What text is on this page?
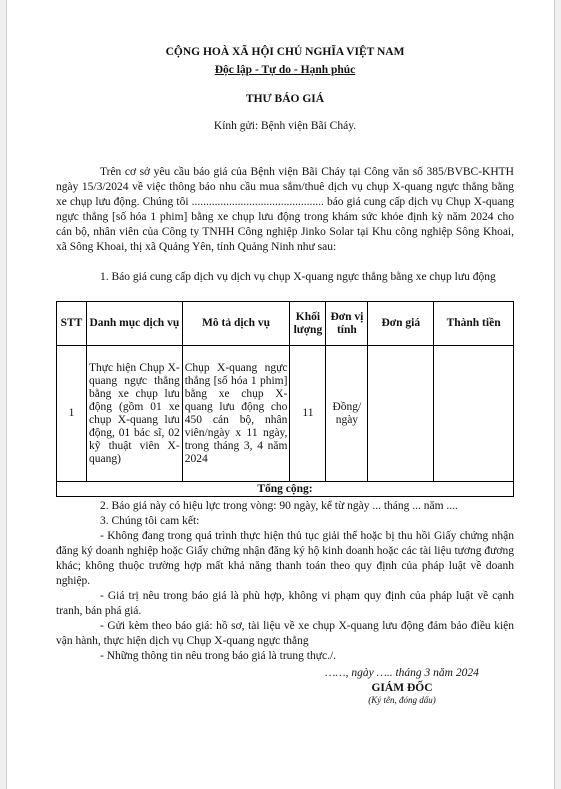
CỘNG HOÀ XÃ HỘI CHỦ NGHĨA VIỆT NAM
Độc lập - Tự do - Hạnh phúc
THƯ BÁO GIÁ
Kính gửi: Bệnh viện Bãi Cháy.

Trên cơ sở yêu cầu báo giá của Bệnh viện Bãi Cháy tại Công văn số 385/BVBC-KHTH ngày 15/3/2024 về việc thông báo nhu cầu mua sắm/thuê dịch vụ chụp X-quang ngực thẳng bằng xe chụp lưu động. Chúng tôi .............................................. báo giá cung cấp dịch vụ Chụp X-quang ngực thẳng [số hóa 1 phim] bằng xe chụp lưu động trong khám sức khỏe định kỳ năm 2024 cho cán bộ, nhân viên của Công ty TNHH Công nghiệp Jinko Solar tại Khu công nghiệp Sông Khoai, xã Sông Khoai, thị xã Quảng Yên, tỉnh Quảng Ninh như sau:

1. Báo giá cung cấp dịch vụ dịch vụ chụp X-quang ngực thẳng bằng xe chụp lưu động

STT	Danh mục dịch vụ	Mô tả dịch vụ	Khối lượng	Đơn vị tính	Đơn giá	Thành tiền
1	Thực hiện Chụp X-quang ngực thẳng bằng xe chụp lưu động (gồm 01 xe chụp X-quang lưu động, 01 bác sĩ, 02 kỹ thuật viên X-quang)	Chụp X-quang ngực thẳng [số hóa 1 phim] bằng xe chụp X-quang lưu động cho 450 cán bộ, nhân viên/ngày x 11 ngày, trong tháng 3, 4 năm 2024	11	Đồng/ ngày		
Tổng cộng:						

2. Báo giá này có hiệu lực trong vòng: 90 ngày, kể từ ngày ... tháng ... năm ....

3. Chúng tôi cam kết:

- Không đang trong quá trình thực hiện thủ tục giải thể hoặc bị thu hồi Giấy chứng nhận đăng ký doanh nghiệp hoặc Giấy chứng nhận đăng ký hộ kinh doanh hoặc các tài liệu tương đương khác; không thuộc trường hợp mất khả năng thanh toán theo quy định của pháp luật về doanh nghiệp.

- Giá trị nêu trong báo giá là phù hợp, không vi phạm quy định của pháp luật về cạnh tranh, bán phá giá.

- Gửi kèm theo báo giá: hồ sơ, tài liệu về xe chụp X-quang lưu động đảm bảo điều kiện vận hành, thực hiện dịch vụ Chụp X-quang ngực thẳng

- Những thông tin nêu trong báo giá là trung thực./.

……, ngày ….. tháng 3 năm 2024
GIÁM ĐỐC
(Ký tên, đóng dấu)
